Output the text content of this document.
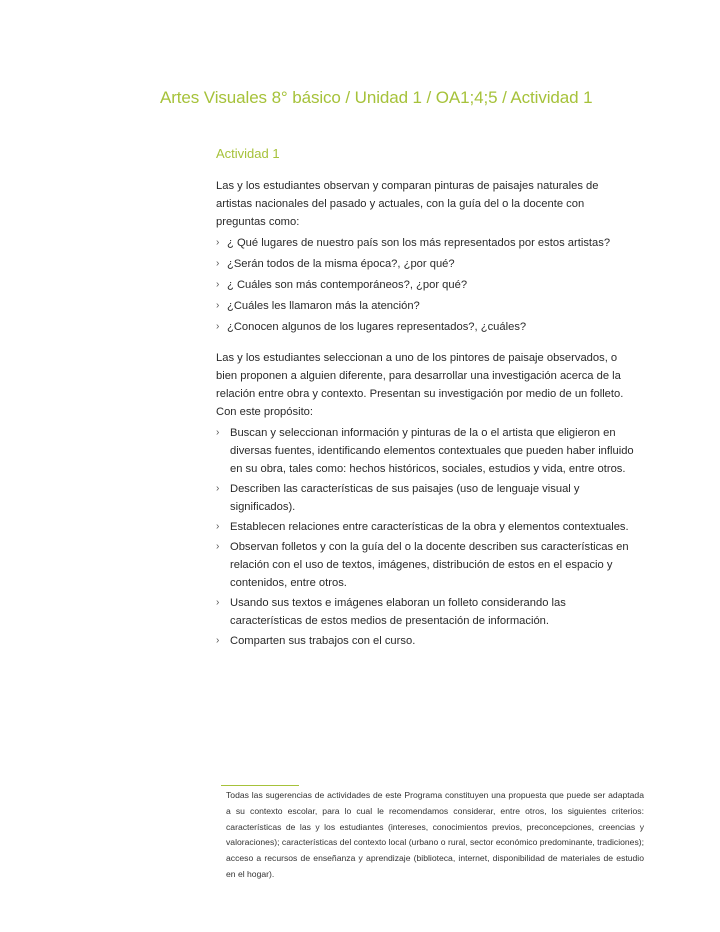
Artes Visuales 8° básico / Unidad 1 / OA1;4;5 / Actividad 1
Actividad 1

Las y los estudiantes observan y comparan pinturas de paisajes naturales de artistas nacionales del pasado y actuales, con la guía del o la docente con preguntas como:

› ¿ Qué lugares de nuestro país son los más representados por estos artistas?
› ¿Serán todos de la misma época?, ¿por qué?
› ¿ Cuáles son más contemporáneos?, ¿por qué?
› ¿Cuáles les llamaron más la atención?
› ¿Conocen algunos de los lugares representados?, ¿cuáles?

Las y los estudiantes seleccionan a uno de los pintores de paisaje observados, o bien proponen a alguien diferente, para desarrollar una investigación acerca de la relación entre obra y contexto. Presentan su investigación por medio de un folleto. Con este propósito:

› Buscan y seleccionan información y pinturas de la o el artista que eligieron en diversas fuentes, identificando elementos contextuales que pueden haber influido en su obra, tales como: hechos históricos, sociales, estudios y vida, entre otros.
› Describen las características de sus paisajes (uso de lenguaje visual y significados).
› Establecen relaciones entre características de la obra y elementos contextuales.
› Observan folletos y con la guía del o la docente describen sus características en relación con el uso de textos, imágenes, distribución de estos en el espacio y contenidos, entre otros.
› Usando sus textos e imágenes elaboran un folleto considerando las características de estos medios de presentación de información.
› Comparten sus trabajos con el curso.
Todas las sugerencias de actividades de este Programa constituyen una propuesta que puede ser adaptada a su contexto escolar, para lo cual le recomendamos considerar, entre otros, los siguientes criterios: características de las y los estudiantes (intereses, conocimientos previos, preconcepciones, creencias y valoraciones); características del contexto local (urbano o rural, sector económico predominante, tradiciones); acceso a recursos de enseñanza y aprendizaje (biblioteca, internet, disponibilidad de materiales de estudio en el hogar).
